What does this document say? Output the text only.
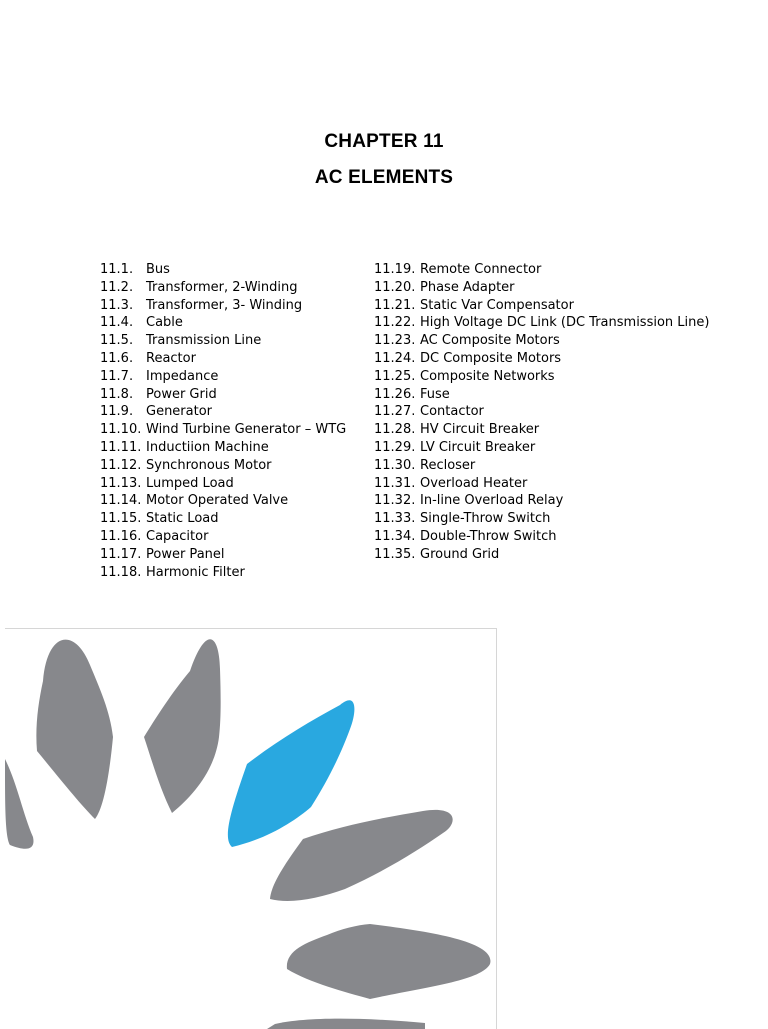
CHAPTER 11
AC ELEMENTS
11.1. Bus
11.2. Transformer, 2-Winding
11.3. Transformer, 3- Winding
11.4. Cable
11.5. Transmission Line
11.6. Reactor
11.7. Impedance
11.8. Power Grid
11.9. Generator
11.10. Wind Turbine Generator – WTG
11.11. Inductiion Machine
11.12. Synchronous Motor
11.13. Lumped Load
11.14. Motor Operated Valve
11.15. Static Load
11.16. Capacitor
11.17. Power Panel
11.18. Harmonic Filter
11.19. Remote Connector
11.20. Phase Adapter
11.21. Static Var Compensator
11.22. High Voltage DC Link (DC Transmission Line)
11.23. AC Composite Motors
11.24. DC Composite Motors
11.25. Composite Networks
11.26. Fuse
11.27. Contactor
11.28. HV Circuit Breaker
11.29. LV Circuit Breaker
11.30. Recloser
11.31. Overload Heater
11.32. In-line Overload Relay
11.33. Single-Throw Switch
11.34. Double-Throw Switch
11.35. Ground Grid
